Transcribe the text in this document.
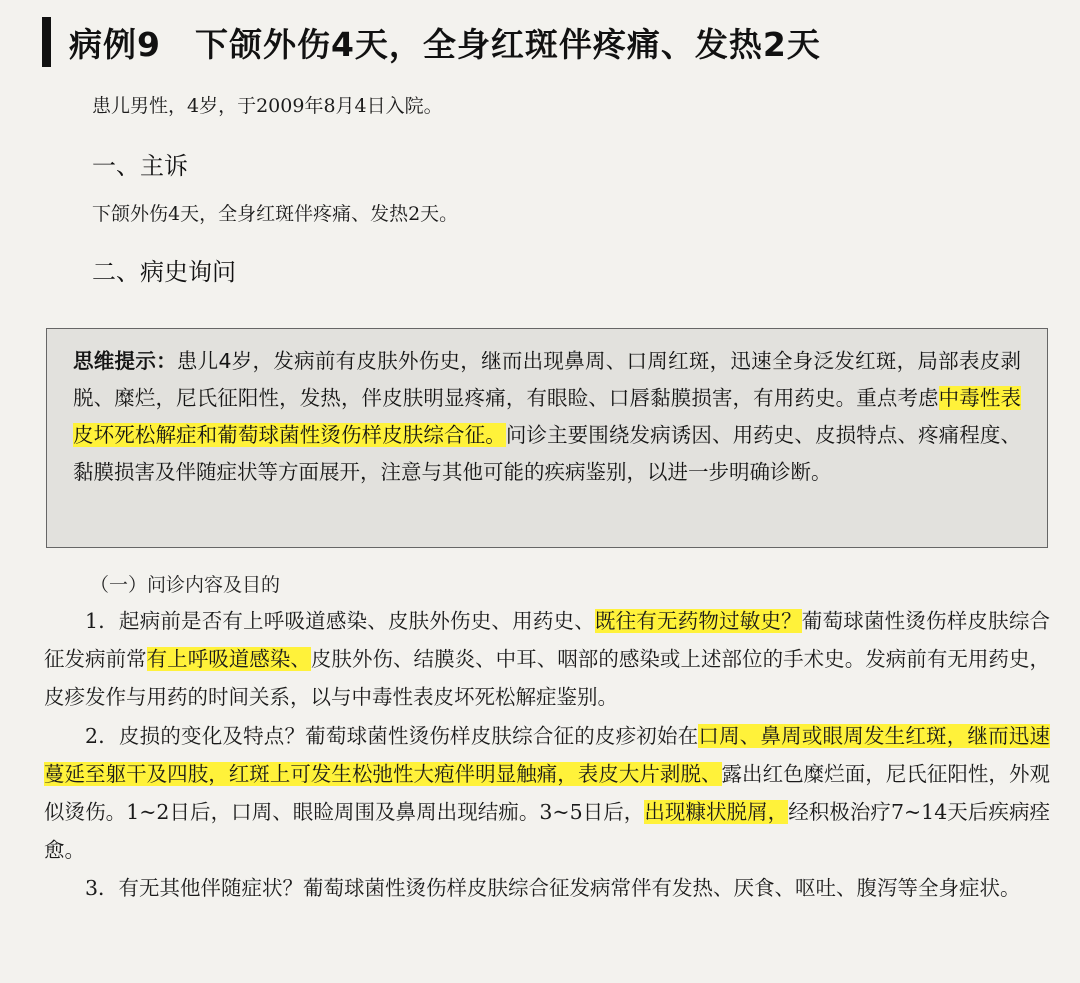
病例9　下颌外伤4天，全身红斑伴疼痛、发热2天
患儿男性，4岁，于2009年8月4日入院。
一、主诉
下颌外伤4天，全身红斑伴疼痛、发热2天。
二、病史询问
思维提示：患儿4岁，发病前有皮肤外伤史，继而出现鼻周、口周红斑，迅速全身泛发红斑，局部表皮剥脱、糜烂，尼氏征阳性，发热，伴皮肤明显疼痛，有眼睑、口唇黏膜损害，有用药史。重点考虑中毒性表皮坏死松解症和葡萄球菌性烫伤样皮肤综合征。问诊主要围绕发病诱因、用药史、皮损特点、疼痛程度、黏膜损害及伴随症状等方面展开，注意与其他可能的疾病鉴别，以进一步明确诊断。
（一）问诊内容及目的

1．起病前是否有上呼吸道感染、皮肤外伤史、用药史、既往有无药物过敏史？葡萄球菌性烫伤样皮肤综合征发病前常有上呼吸道感染、皮肤外伤、结膜炎、中耳、咽部的感染或上述部位的手术史。发病前有无用药史，皮疹发作与用药的时间关系，以与中毒性表皮坏死松解症鉴别。

2．皮损的变化及特点？葡萄球菌性烫伤样皮肤综合征的皮疹初始在口周、鼻周或眼周发生红斑，继而迅速蔓延至躯干及四肢，红斑上可发生松弛性大疱伴明显触痛，表皮大片剥脱、露出红色糜烂面，尼氏征阳性，外观似烫伤。1~2日后，口周、眼睑周围及鼻周出现结痂。3~5日后，出现糠状脱屑，经积极治疗7~14天后疾病痊愈。

3．有无其他伴随症状？葡萄球菌性烫伤样皮肤综合征发病常伴有发热、厌食、呕吐、腹泻等全身症状。
